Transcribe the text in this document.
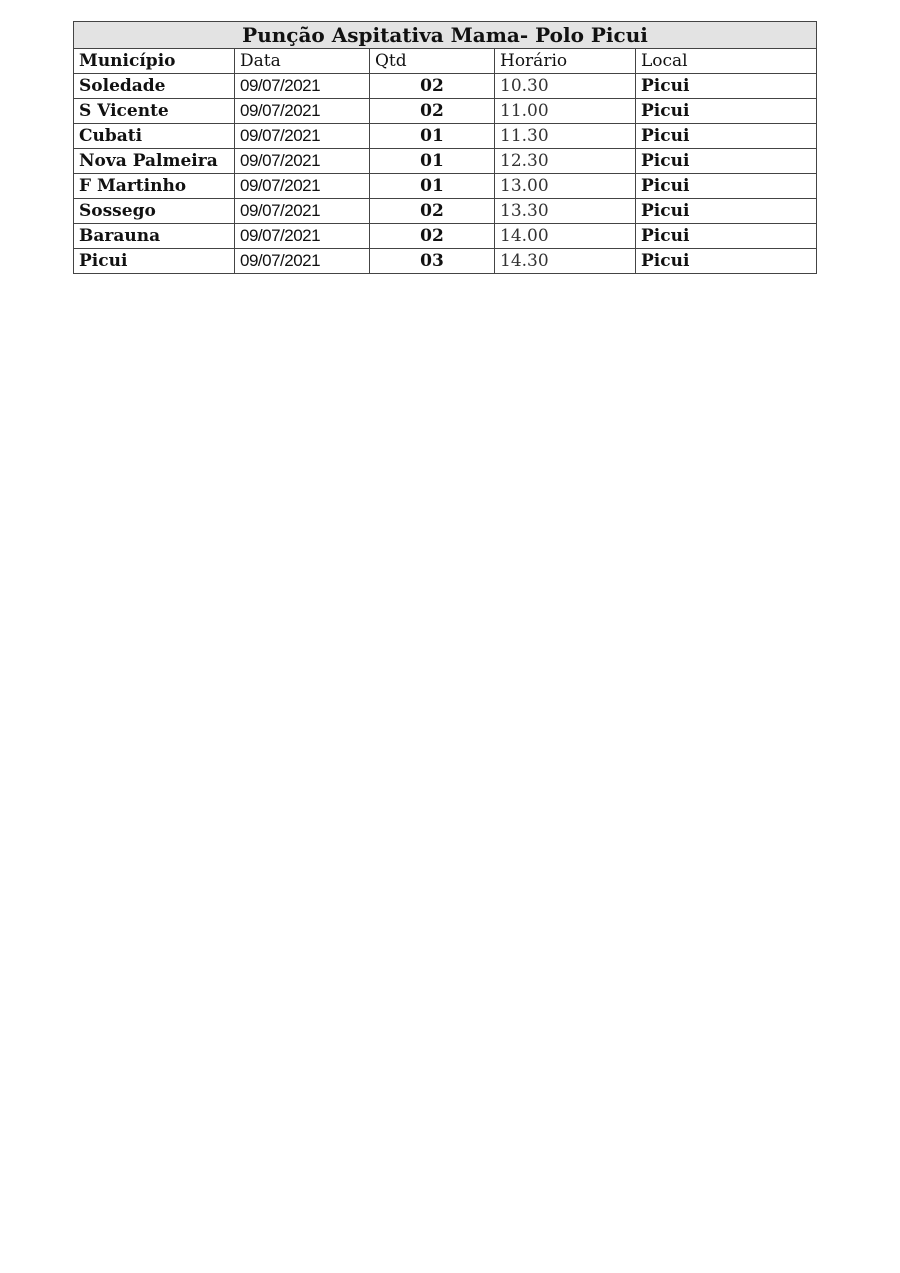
Punção Aspitativa Mama- Polo Picui				
Município	Data	Qtd	Horário	Local
Soledade	09/07/2021	02	10.30	Picui
S Vicente	09/07/2021	02	11.00	Picui
Cubati	09/07/2021	01	11.30	Picui
Nova Palmeira	09/07/2021	01	12.30	Picui
F Martinho	09/07/2021	01	13.00	Picui
Sossego	09/07/2021	02	13.30	Picui
Barauna	09/07/2021	02	14.00	Picui
Picui	09/07/2021	03	14.30	Picui
